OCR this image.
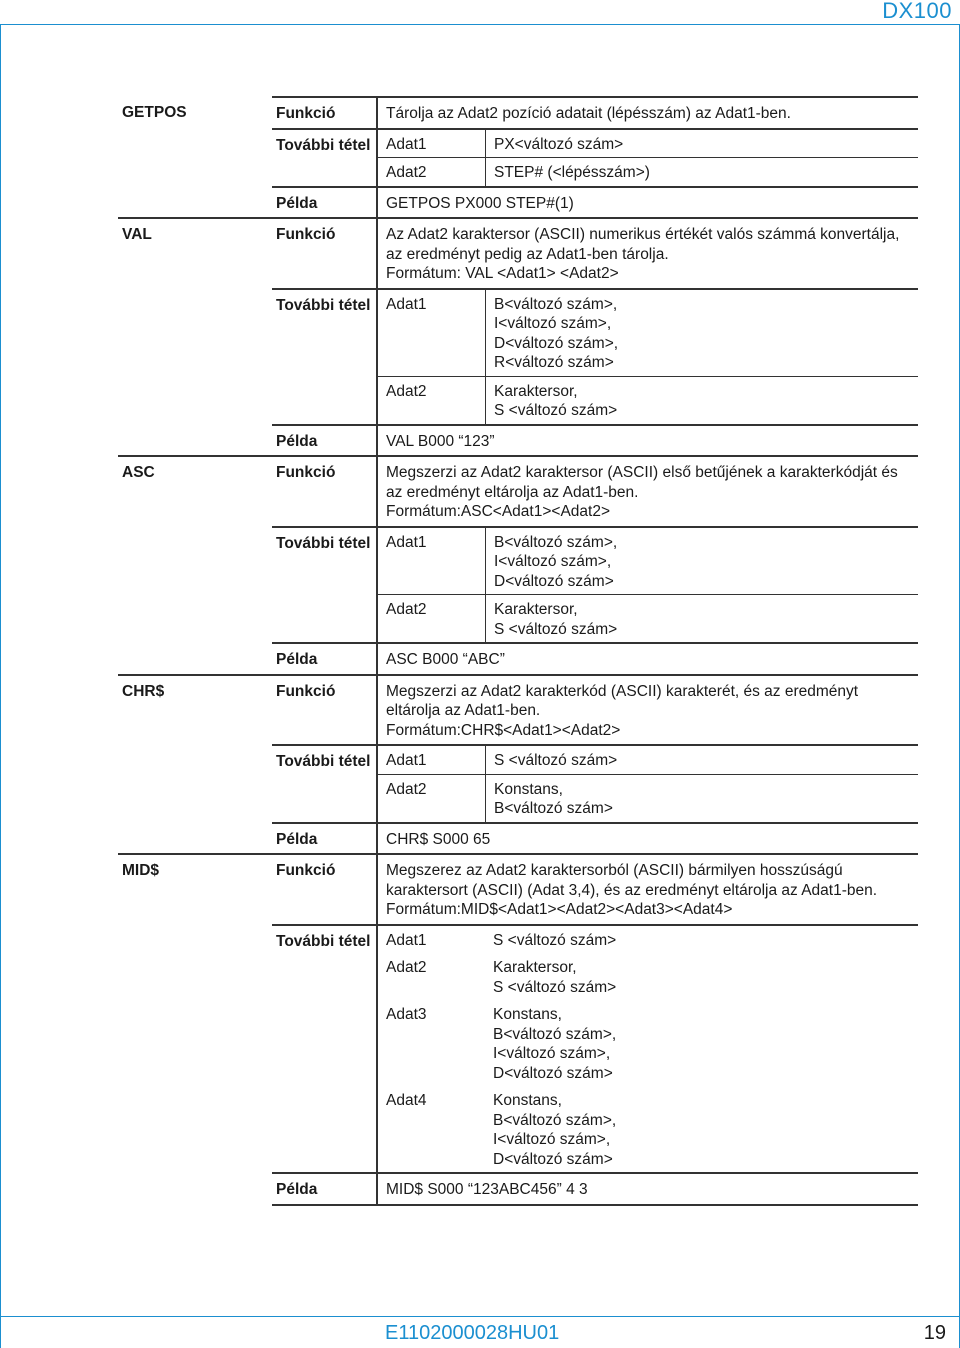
DX100
GETPOS	Funkció	Tárolja az Adat2 pozíció adatait (lépésszám) az Adat1-ben.

	További tétel	Adat1	PX<változó szám>

Adat2	STEP# (<lépésszám>)

	Példa	GETPOS PX000 STEP#(1)

VAL	Funkció	Az Adat2 karaktersor (ASCII) numerikus értékét valós számmá konvertálja,
az eredményt pedig az Adat1-ben tárolja.
Formátum: VAL <Adat1> <Adat2>

	További tétel	Adat1	B<változó szám>,
I<változó szám>,
D<változó szám>,
R<változó szám>

Adat2	Karaktersor,
S <változó szám>

	Példa	VAL B000 “123”

ASC	Funkció	Megszerzi az Adat2 karaktersor (ASCII) első betűjének a karakterkódját és
az eredményt eltárolja az Adat1-ben.
Formátum:ASC<Adat1><Adat2>

	További tétel	Adat1	B<változó szám>,
I<változó szám>,
D<változó szám>

Adat2	Karaktersor,
S <változó szám>

	Példa	ASC B000 “ABC”

CHR$	Funkció	Megszerzi az Adat2 karakterkód (ASCII) karakterét, és az eredményt
eltárolja az Adat1-ben.
Formátum:CHR$<Adat1><Adat2>

	További tétel	Adat1	S <változó szám>

Adat2	Konstans,
B<változó szám>

	Példa	CHR$ S000 65

MID$	Funkció	Megszerez az Adat2 karaktersorból (ASCII) bármilyen hosszúságú
karaktersort (ASCII) (Adat 3,4), és az eredményt eltárolja az Adat1-ben.
Formátum:MID$<Adat1><Adat2><Adat3><Adat4>

	További tétel	Adat1	S <változó szám>

Adat2	Karaktersor,
S <változó szám>

Adat3	Konstans,
B<változó szám>,
I<változó szám>,
D<változó szám>

Adat4	Konstans,
B<változó szám>,
I<változó szám>,
D<változó szám>

	Példa	MID$ S000 “123ABC456” 4 3
E1102000028HU01	19
